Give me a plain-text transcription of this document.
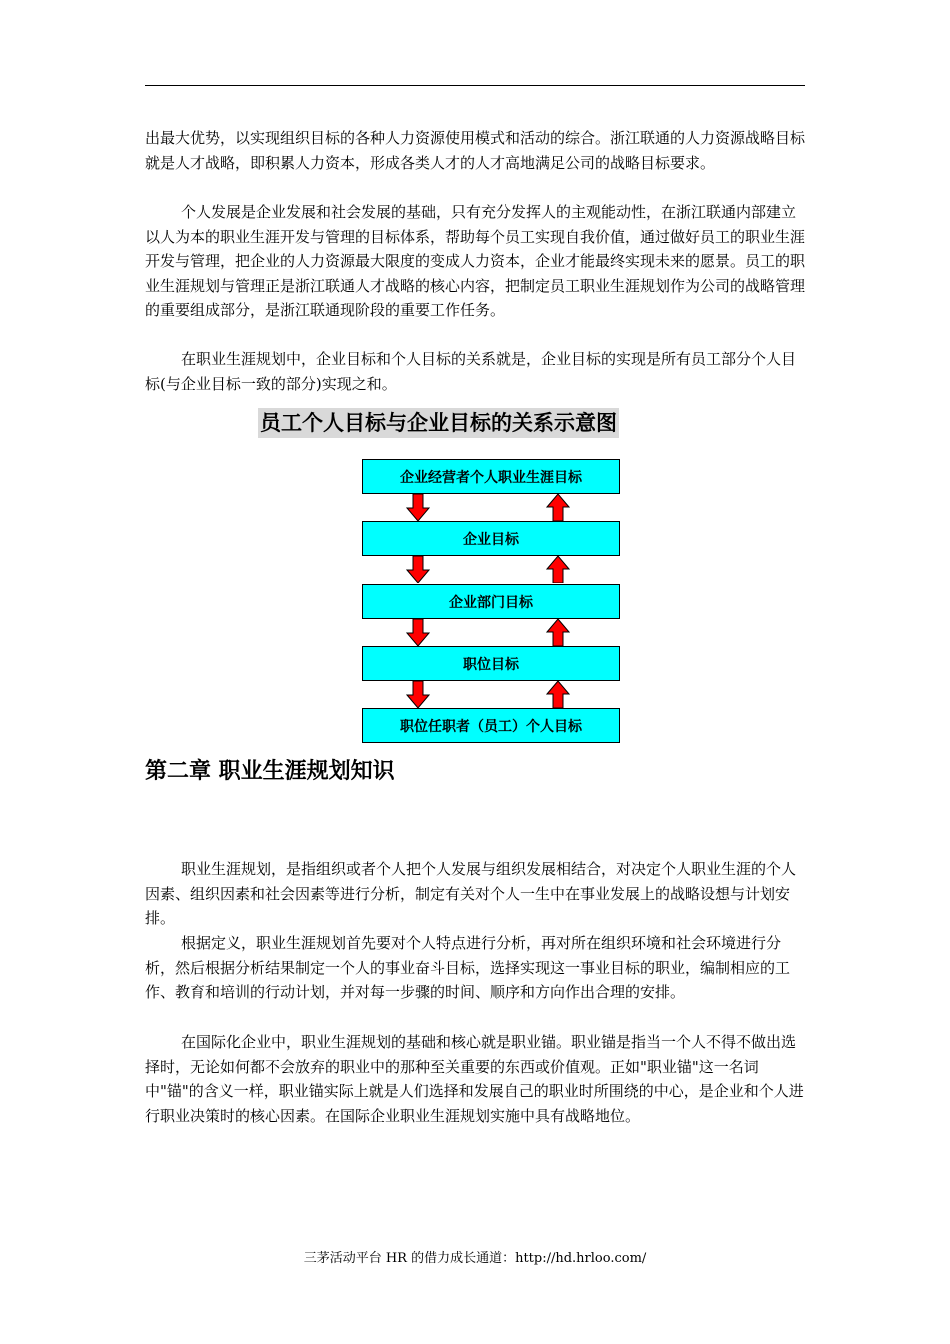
出最大优势，以实现组织目标的各种人力资源使用模式和活动的综合。浙江联通的人力资源战略目标就是人才战略，即积累人力资本，形成各类人才的人才高地满足公司的战略目标要求。

个人发展是企业发展和社会发展的基础，只有充分发挥人的主观能动性，在浙江联通内部建立以人为本的职业生涯开发与管理的目标体系，帮助每个员工实现自我价值，通过做好员工的职业生涯开发与管理，把企业的人力资源最大限度的变成人力资本，企业才能最终实现未来的愿景。员工的职业生涯规划与管理正是浙江联通人才战略的核心内容，把制定员工职业生涯规划作为公司的战略管理的重要组成部分，是浙江联通现阶段的重要工作任务。

在职业生涯规划中，企业目标和个人目标的关系就是，企业目标的实现是所有员工部分个人目标(与企业目标一致的部分)实现之和。

员工个人目标与企业目标的关系示意图
企业经营者个人职业生涯目标
企业目标
企业部门目标
职位目标
职位任职者（员工）个人目标
第二章 职业生涯规划知识

职业生涯规划，是指组织或者个人把个人发展与组织发展相结合，对决定个人职业生涯的个人因素、组织因素和社会因素等进行分析，制定有关对个人一生中在事业发展上的战略设想与计划安排。

根据定义，职业生涯规划首先要对个人特点进行分析，再对所在组织环境和社会环境进行分析，然后根据分析结果制定一个人的事业奋斗目标，选择实现这一事业目标的职业，编制相应的工作、教育和培训的行动计划，并对每一步骤的时间、顺序和方向作出合理的安排。

在国际化企业中，职业生涯规划的基础和核心就是职业锚。职业锚是指当一个人不得不做出选择时，无论如何都不会放弃的职业中的那种至关重要的东西或价值观。正如"职业锚"这一名词中"锚"的含义一样，职业锚实际上就是人们选择和发展自己的职业时所围绕的中心，是企业和个人进行职业决策时的核心因素。在国际企业职业生涯规划实施中具有战略地位。

三茅活动平台 HR 的借力成长通道：http://hd.hrloo.com/
